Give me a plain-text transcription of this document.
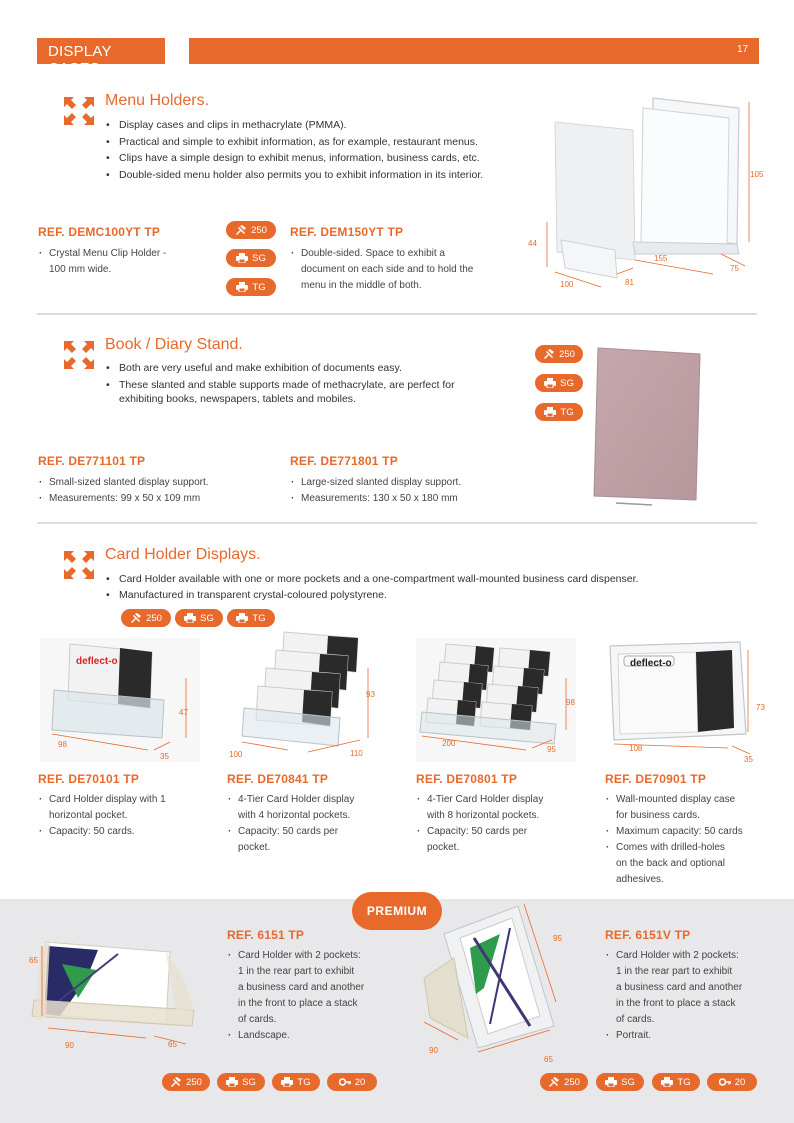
DISPLAY CASES
17
Menu Holders.
• Display cases and clips in methacrylate (PMMA).
• Practical and simple to exhibit information, as for example, restaurant menus.
• Clips have a simple design to exhibit menus, information, business cards, etc.
• Double-sided menu holder also permits you to exhibit information in its interior.
REF. DEMC100YT TP
· Crystal Menu Clip Holder -
100 mm wide.
250
SG
TG
REF. DEM150YT TP
· Double-sided. Space to exhibit a
document on each side and to hold the
menu in the middle of both.
105
44
155
75
100	81
Book / Diary Stand.
• Both are very useful and make exhibition of documents easy.
• These slanted and stable supports made of methacrylate, are perfect for
exhibiting books, newspapers, tablets and mobiles.
REF. DE771101 TP
· Small-sized slanted display support.
· Measurements: 99 x 50 x 109 mm
REF. DE771801 TP
· Large-sized slanted display support.
· Measurements: 130 x 50 x 180 mm
250
SG
TG
Card Holder Displays.
• Card Holder available with one or more pockets and a one-compartment wall-mounted business card dispenser.
• Manufactured in transparent crystal-coloured polystyrene.
250	SG	TG
deflect-o
47
98
35
93
100	110
98
200
95
deflect-o
73
108
35
REF. DE70101 TP
· Card Holder display with 1
horizontal pocket.
· Capacity: 50 cards.
REF. DE70841 TP
· 4-Tier Card Holder display
with 4 horizontal pockets.
· Capacity: 50 cards per
pocket.
REF. DE70801 TP
· 4-Tier Card Holder display
with 8 horizontal pockets.
· Capacity: 50 cards per
pocket.
REF. DE70901 TP
· Wall-mounted display case
for business cards.
· Maximum capacity: 50 cards
· Comes with drilled-holes
on the back and optional
adhesives.
PREMIUM
65
90	65
REF. 6151 TP
· Card Holder with 2 pockets:
1 in the rear part to exhibit
a business card and another
in the front to place a stack
of cards.
· Landscape.
95
90
65
REF. 6151V TP
· Card Holder with 2 pockets:
1 in the rear part to exhibit
a business card and another
in the front to place a stack
of cards.
· Portrait.
250	SG	TG	20	250	SG	TG	20
